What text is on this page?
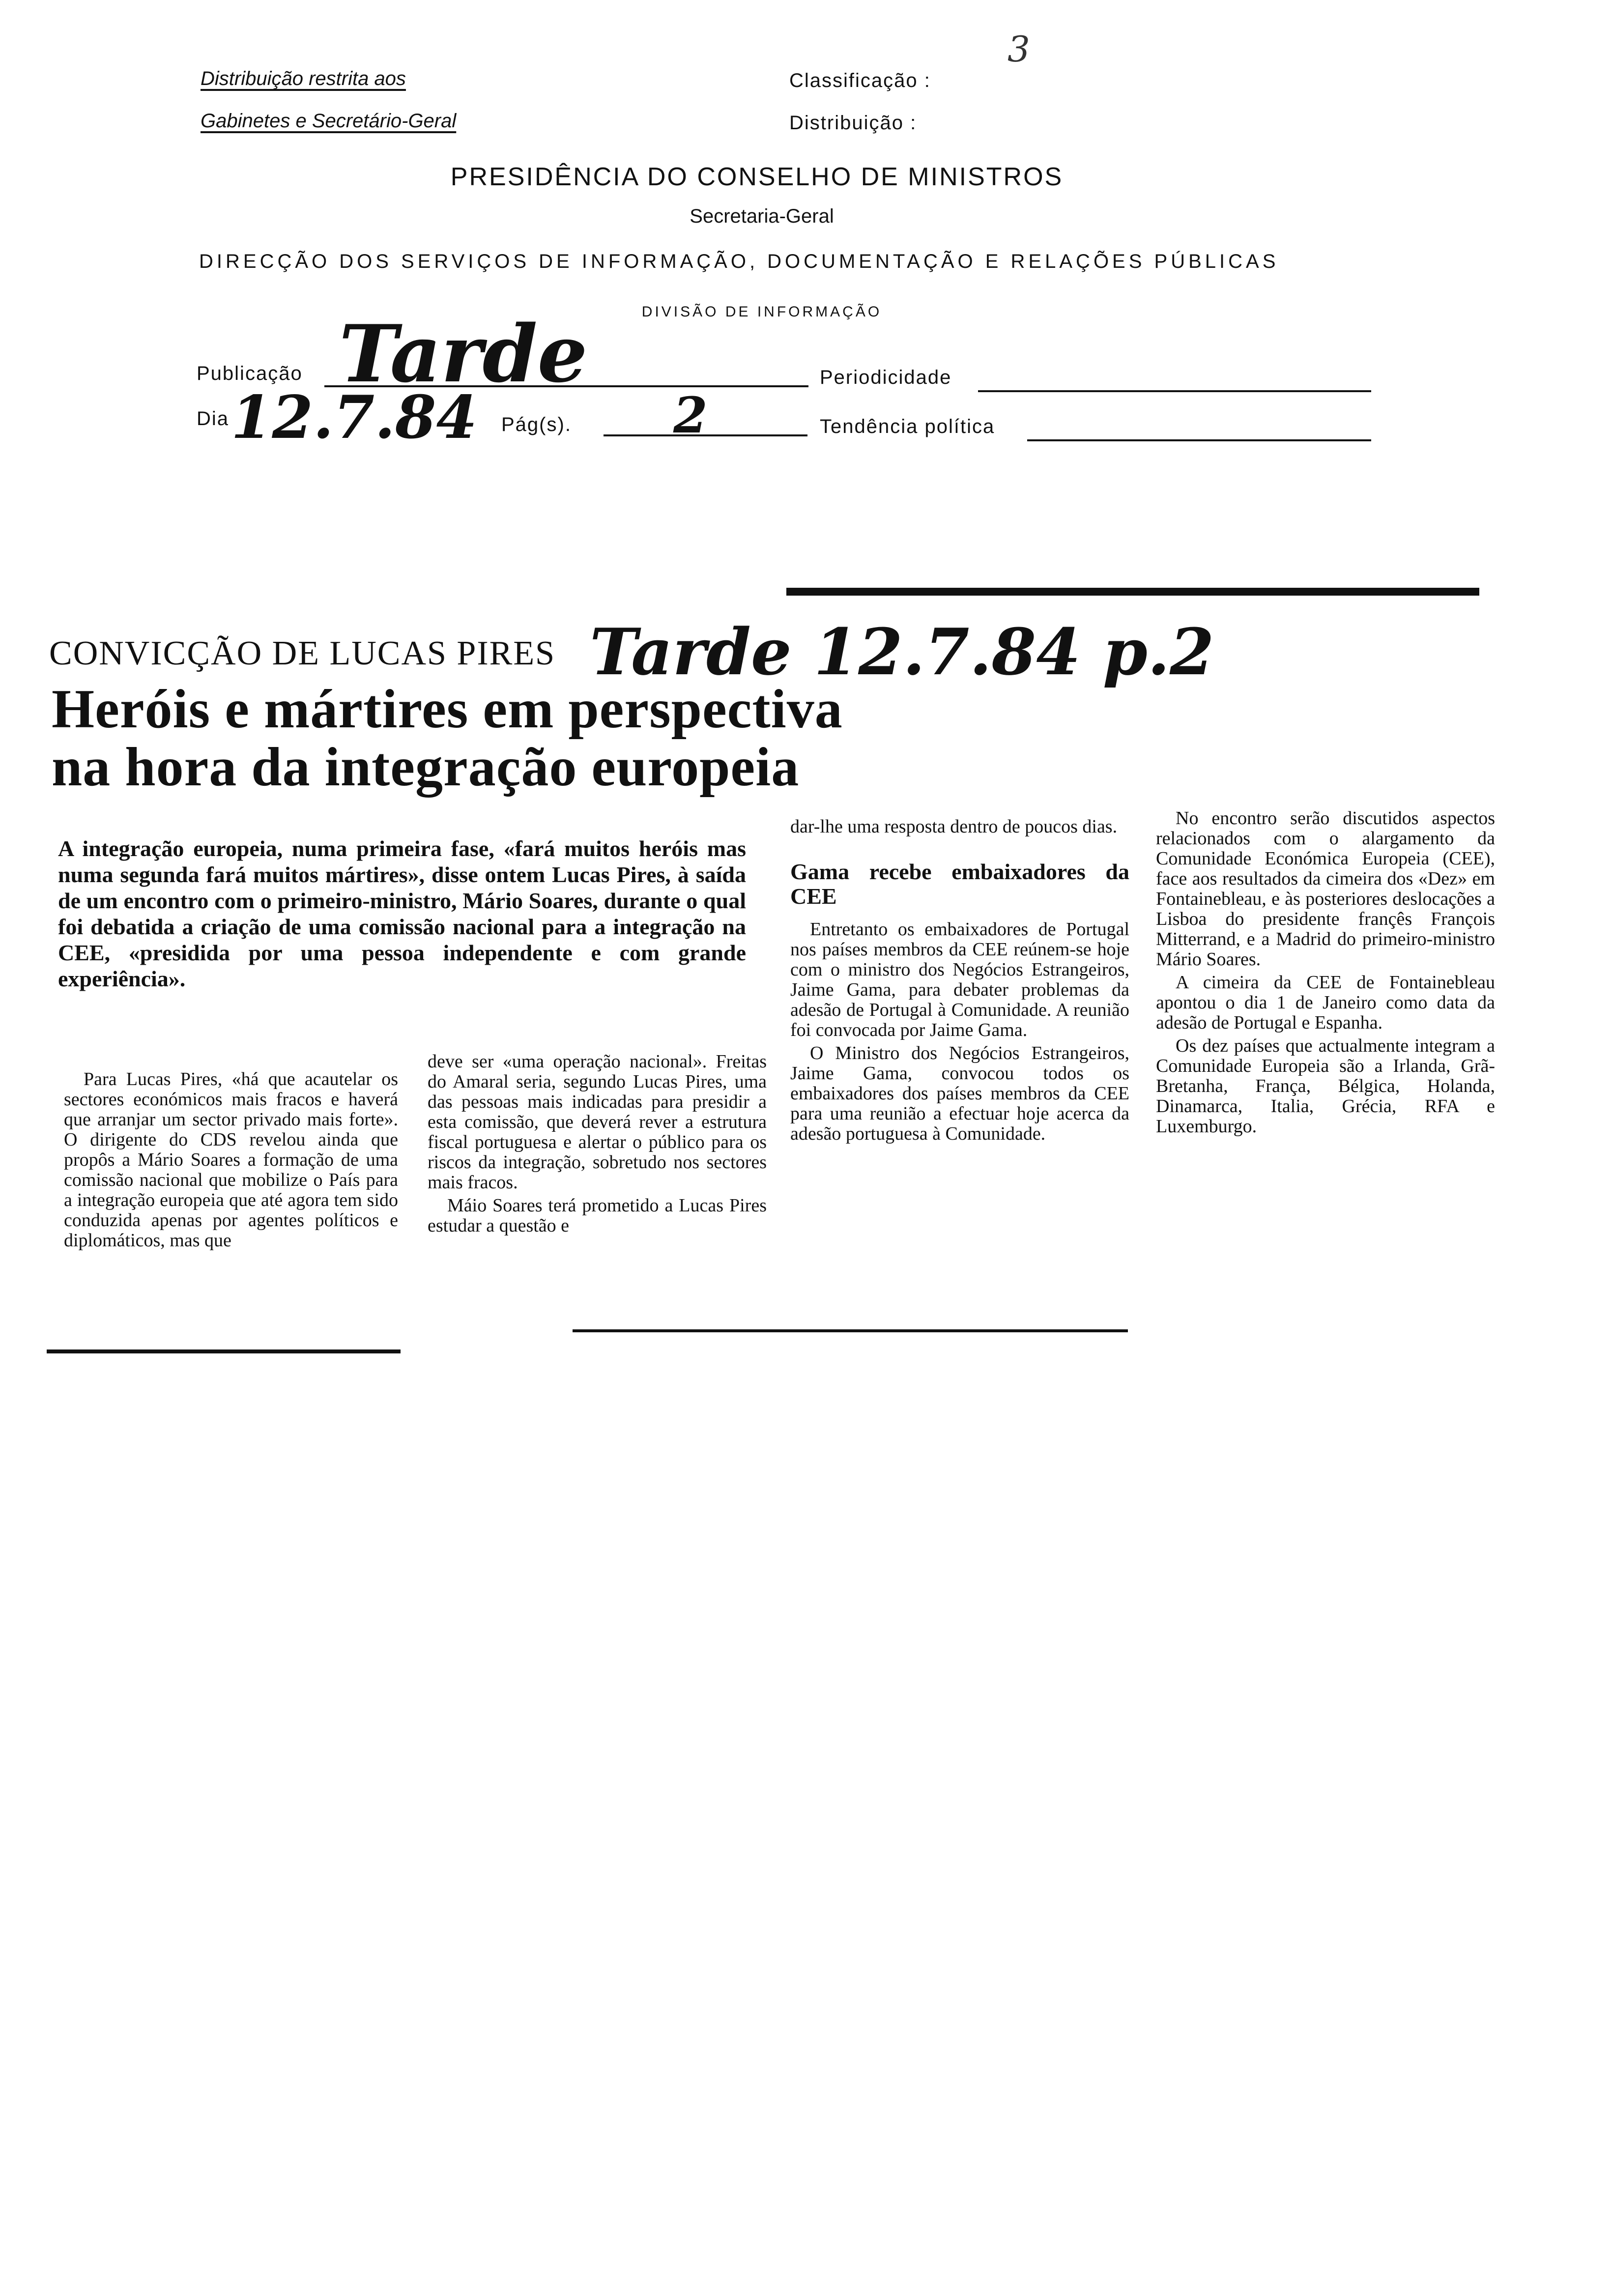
Distribuição restrita aos
Gabinetes e Secretário-Geral
Classificação :
Distribuição :
3
PRESIDÊNCIA DO CONSELHO DE MINISTROS
Secretaria-Geral
DIRECÇÃO DOS SERVIÇOS DE INFORMAÇÃO, DOCUMENTAÇÃO E RELAÇÕES PÚBLICAS
DIVISÃO DE INFORMAÇÃO
Publicação Tarde	Periodicidade
Dia 12.7.84 Pág(s). 2	Tendência política
CONVICÇÃO DE LUCAS PIRES Tarde 12.7.84 p.2
Heróis e mártires em perspectiva
na hora da integração europeia
A integração europeia, numa primeira fase, «fará muitos heróis mas numa segunda fará muitos mártires», disse ontem Lucas Pires, à saída de um encontro com o primeiro-ministro, Mário Soares, durante o qual foi debatida a criação de uma comissão nacional para a integração na CEE, «presidida por uma pessoa independente e com grande experiência».

Para Lucas Pires, «há que acautelar os sectores económicos mais fracos e haverá que arranjar um sector privado mais forte». O dirigente do CDS revelou ainda que propôs a Mário Soares a formação de uma comissão nacional que mobilize o País para a integração europeia que até agora tem sido conduzida apenas por agentes políticos e diplomáticos, mas que

deve ser «uma operação nacional». Freitas do Amaral seria, segundo Lucas Pires, uma das pessoas mais indicadas para presidir a esta comissão, que deverá rever a estrutura fiscal portuguesa e alertar o público para os riscos da integração, sobretudo nos sectores mais fracos.

Máio Soares terá prometido a Lucas Pires estudar a questão e

dar-lhe uma resposta dentro de poucos dias.

Gama recebe embaixadores da CEE

Entretanto os embaixadores de Portugal nos países membros da CEE reúnem-se hoje com o ministro dos Negócios Estrangeiros, Jaime Gama, para debater problemas da adesão de Portugal à Comunidade. A reunião foi convocada por Jaime Gama.

O Ministro dos Negócios Estrangeiros, Jaime Gama, convocou todos os embaixadores dos países membros da CEE para uma reunião a efectuar hoje acerca da adesão portuguesa à Comunidade.

No encontro serão discutidos aspectos relacionados com o alargamento da Comunidade Económica Europeia (CEE), face aos resultados da cimeira dos «Dez» em Fontainebleau, e às posteriores deslocações a Lisboa do presidente françês François Mitterrand, e a Madrid do primeiro-ministro Mário Soares.

A cimeira da CEE de Fontainebleau apontou o dia 1 de Janeiro como data da adesão de Portugal e Espanha.

Os dez países que actualmente integram a Comunidade Europeia são a Irlanda, Grã-Bretanha, França, Bélgica, Holanda, Dinamarca, Italia, Grécia, RFA e Luxemburgo.
